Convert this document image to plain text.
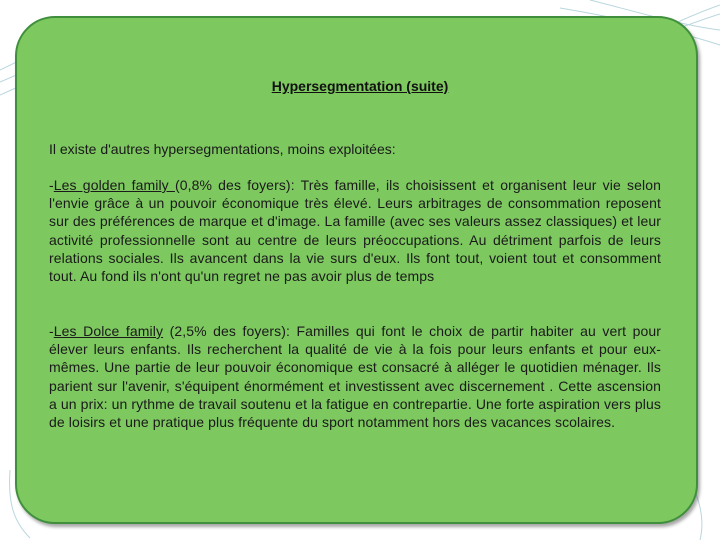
Hypersegmentation (suite)

Il existe d'autres hypersegmentations, moins exploitées:

-Les golden family (0,8% des foyers): Très famille, ils choisissent et organisent leur vie selon l'envie grâce à un pouvoir économique très élevé. Leurs arbitrages de consommation reposent sur des préférences de marque et d'image. La famille (avec ses valeurs assez classiques) et leur activité professionnelle sont au centre de leurs préoccupations. Au détriment parfois de leurs relations sociales. Ils avancent dans la vie surs d'eux. Ils font tout, voient tout et consomment tout. Au fond ils n'ont qu'un regret ne pas avoir plus de temps

-Les Dolce family (2,5% des foyers): Familles qui font le choix de partir habiter au vert pour élever leurs enfants. Ils recherchent la qualité de vie à la fois pour leurs enfants et pour eux-mêmes. Une partie de leur pouvoir économique est consacré à alléger le quotidien ménager. Ils parient sur l'avenir, s'équipent énormément et investissent avec discernement . Cette ascension a un prix: un rythme de travail soutenu et la fatigue en contrepartie. Une forte aspiration vers plus de loisirs et une pratique plus fréquente du sport notamment hors des vacances scolaires.
